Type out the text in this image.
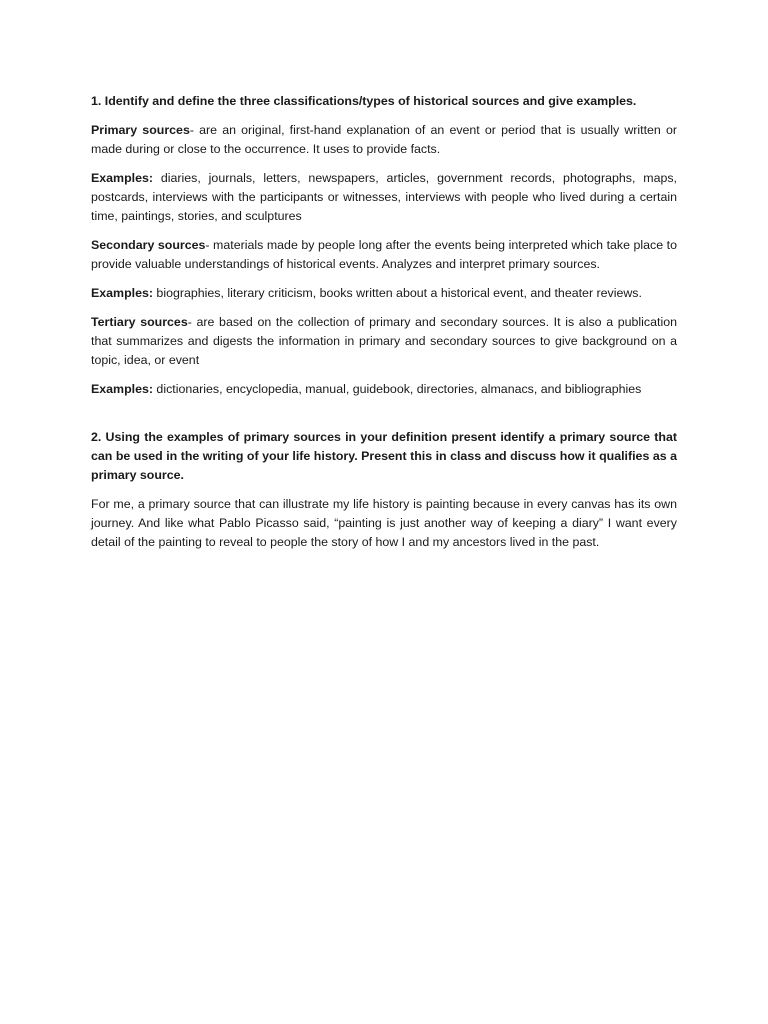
1. Identify and define the three classifications/types of historical sources and give examples.

Primary sources- are an original, first-hand explanation of an event or period that is usually written or made during or close to the occurrence. It uses to provide facts.

Examples: diaries, journals, letters, newspapers, articles, government records, photographs, maps, postcards, interviews with the participants or witnesses, interviews with people who lived during a certain time, paintings, stories, and sculptures

Secondary sources- materials made by people long after the events being interpreted which take place to provide valuable understandings of historical events. Analyzes and interpret primary sources.

Examples: biographies, literary criticism, books written about a historical event, and theater reviews.

Tertiary sources- are based on the collection of primary and secondary sources. It is also a publication that summarizes and digests the information in primary and secondary sources to give background on a topic, idea, or event

Examples: dictionaries, encyclopedia, manual, guidebook, directories, almanacs, and bibliographies

2. Using the examples of primary sources in your definition present identify a primary source that can be used in the writing of your life history. Present this in class and discuss how it qualifies as a primary source.

For me, a primary source that can illustrate my life history is painting because in every canvas has its own journey. And like what Pablo Picasso said, “painting is just another way of keeping a diary” I want every detail of the painting to reveal to people the story of how I and my ancestors lived in the past.
